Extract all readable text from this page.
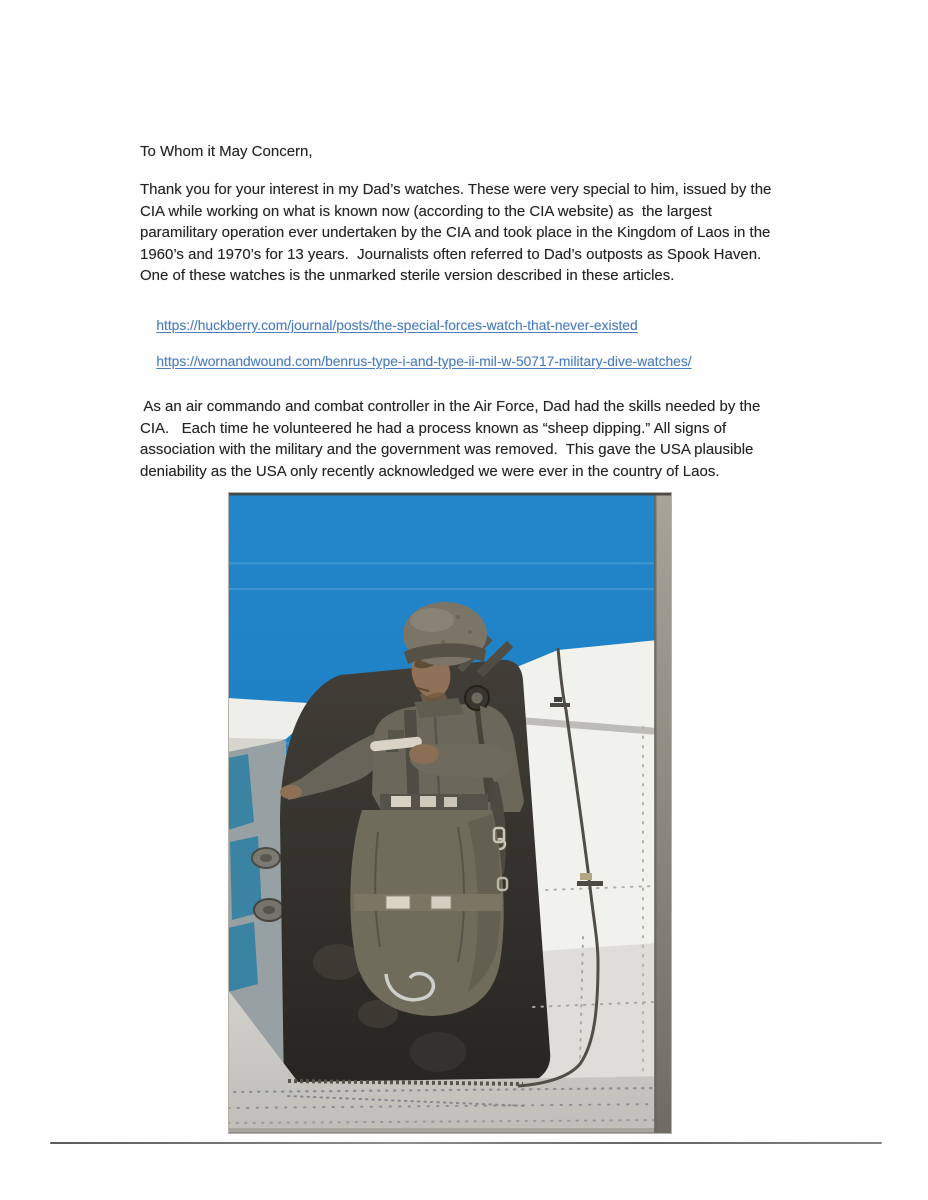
To Whom it May Concern,
Thank you for your interest in my Dad’s watches. These were very special to him, issued by the
CIA while working on what is known now (according to the CIA website) as  the largest
paramilitary operation ever undertaken by the CIA and took place in the Kingdom of Laos in the
1960’s and 1970’s for 13 years.  Journalists often referred to Dad’s outposts as Spook Haven.
One of these watches is the unmarked sterile version described in these articles.

https://huckberry.com/journal/posts/the-special-forces-watch-that-never-existed

https://wornandwound.com/benrus-type-i-and-type-ii-mil-w-50717-military-dive-watches/

As an air commando and combat controller in the Air Force, Dad had the skills needed by the
CIA.   Each time he volunteered he had a process known as “sheep dipping.” All signs of
association with the military and the government was removed.  This gave the USA plausible
deniability as the USA only recently acknowledged we were ever in the country of Laos.
